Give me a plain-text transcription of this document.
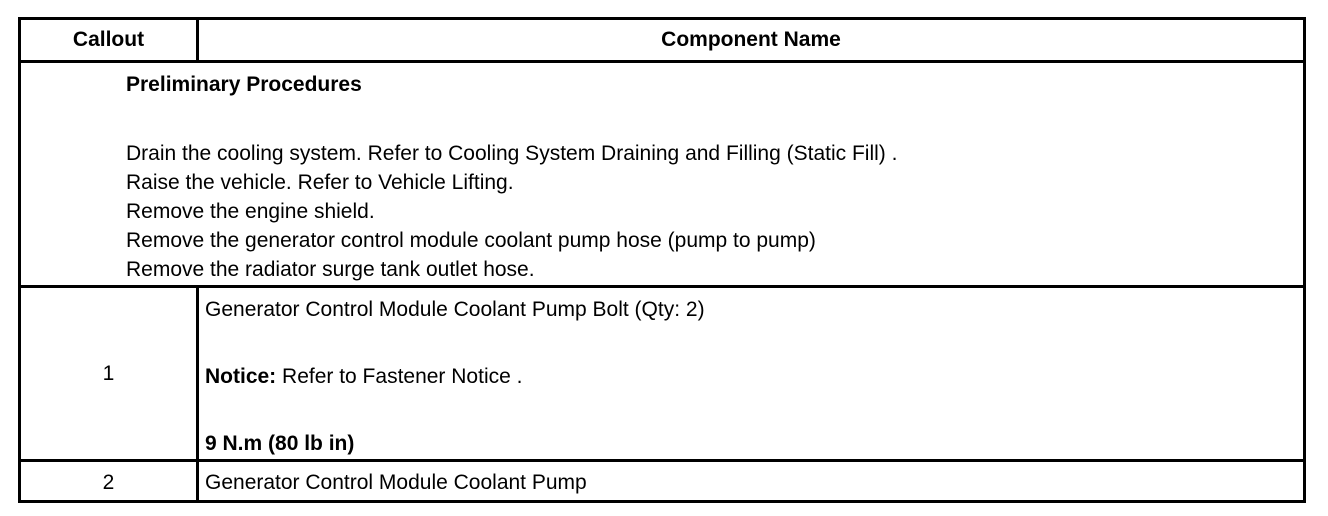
Callout	Component Name
Preliminary Procedures
Drain the cooling system. Refer to Cooling System Draining and Filling (Static Fill) .
Raise the vehicle. Refer to Vehicle Lifting.
Remove the engine shield.
Remove the generator control module coolant pump hose (pump to pump)
Remove the radiator surge tank outlet hose.
1
Generator Control Module Coolant Pump Bolt (Qty: 2)
Notice: Refer to Fastener Notice .
9 N.m (80 lb in)
2	Generator Control Module Coolant Pump
